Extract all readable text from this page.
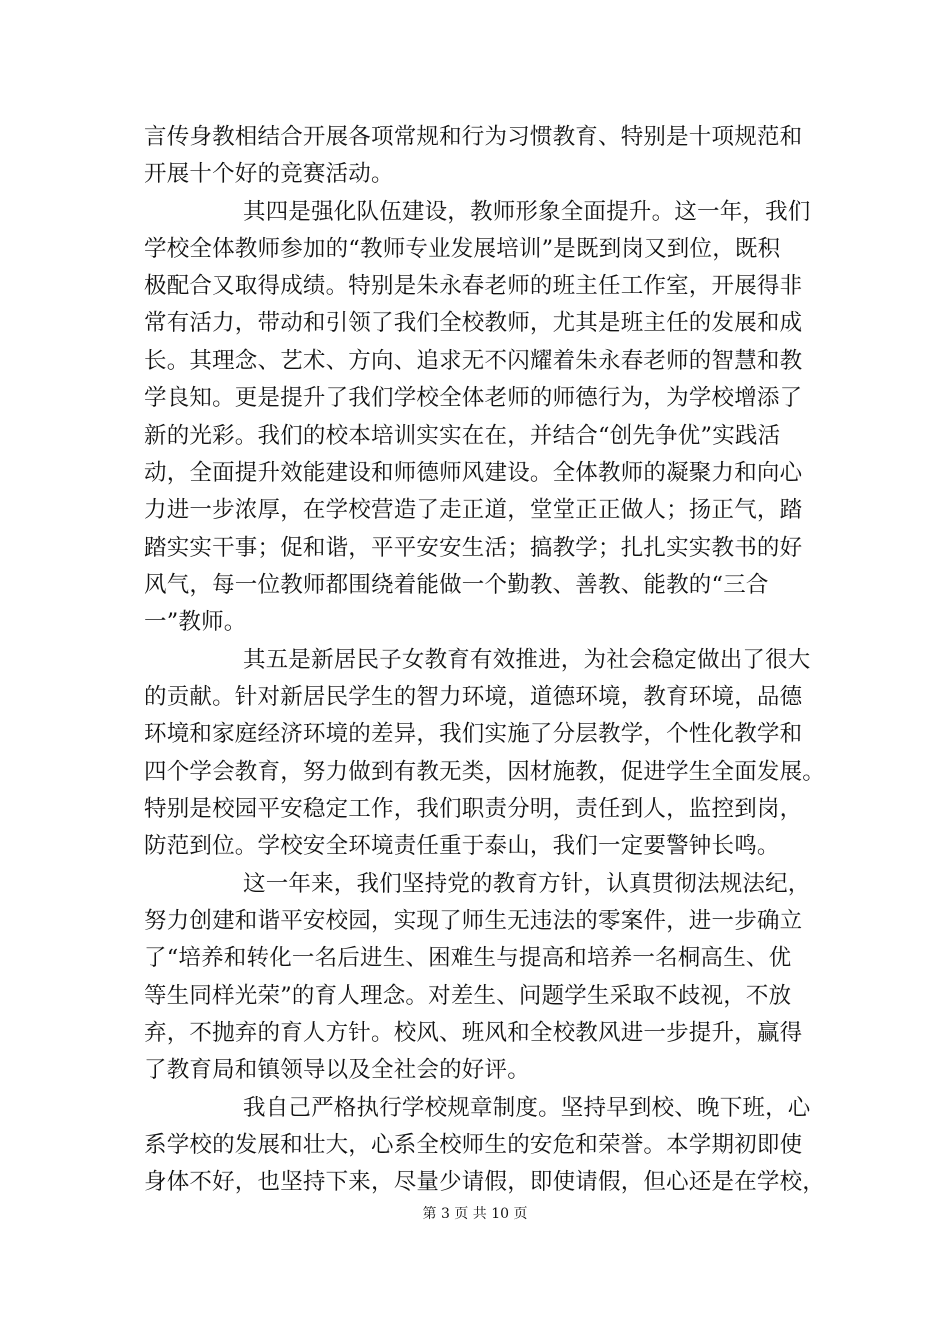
言传身教相结合开展各项常规和行为习惯教育、特别是十项规范和
开展十个好的竞赛活动。
其四是强化队伍建设，教师形象全面提升。这一年，我们
学校全体教师参加的“教师专业发展培训”是既到岗又到位，既积
极配合又取得成绩。特别是朱永春老师的班主任工作室，开展得非
常有活力，带动和引领了我们全校教师，尤其是班主任的发展和成
长。其理念、艺术、方向、追求无不闪耀着朱永春老师的智慧和教
学良知。更是提升了我们学校全体老师的师德行为，为学校增添了
新的光彩。我们的校本培训实实在在，并结合“创先争优”实践活
动，全面提升效能建设和师德师风建设。全体教师的凝聚力和向心
力进一步浓厚，在学校营造了走正道，堂堂正正做人；扬正气，踏
踏实实干事；促和谐，平平安安生活；搞教学；扎扎实实教书的好
风气，每一位教师都围绕着能做一个勤教、善教、能教的“三合
一”教师。
其五是新居民子女教育有效推进，为社会稳定做出了很大
的贡献。针对新居民学生的智力环境，道德环境，教育环境，品德
环境和家庭经济环境的差异，我们实施了分层教学，个性化教学和
四个学会教育，努力做到有教无类，因材施教，促进学生全面发展。
特别是校园平安稳定工作，我们职责分明，责任到人，监控到岗，
防范到位。学校安全环境责任重于泰山，我们一定要警钟长鸣。
这一年来，我们坚持党的教育方针，认真贯彻法规法纪，
努力创建和谐平安校园，实现了师生无违法的零案件，进一步确立
了“培养和转化一名后进生、困难生与提高和培养一名桐高生、优
等生同样光荣”的育人理念。对差生、问题学生采取不歧视，不放
弃，不抛弃的育人方针。校风、班风和全校教风进一步提升，赢得
了教育局和镇领导以及全社会的好评。
我自己严格执行学校规章制度。坚持早到校、晚下班，心
系学校的发展和壮大，心系全校师生的安危和荣誉。本学期初即使
身体不好，也坚持下来，尽量少请假，即使请假，但心还是在学校，
第 3 页 共 10 页
